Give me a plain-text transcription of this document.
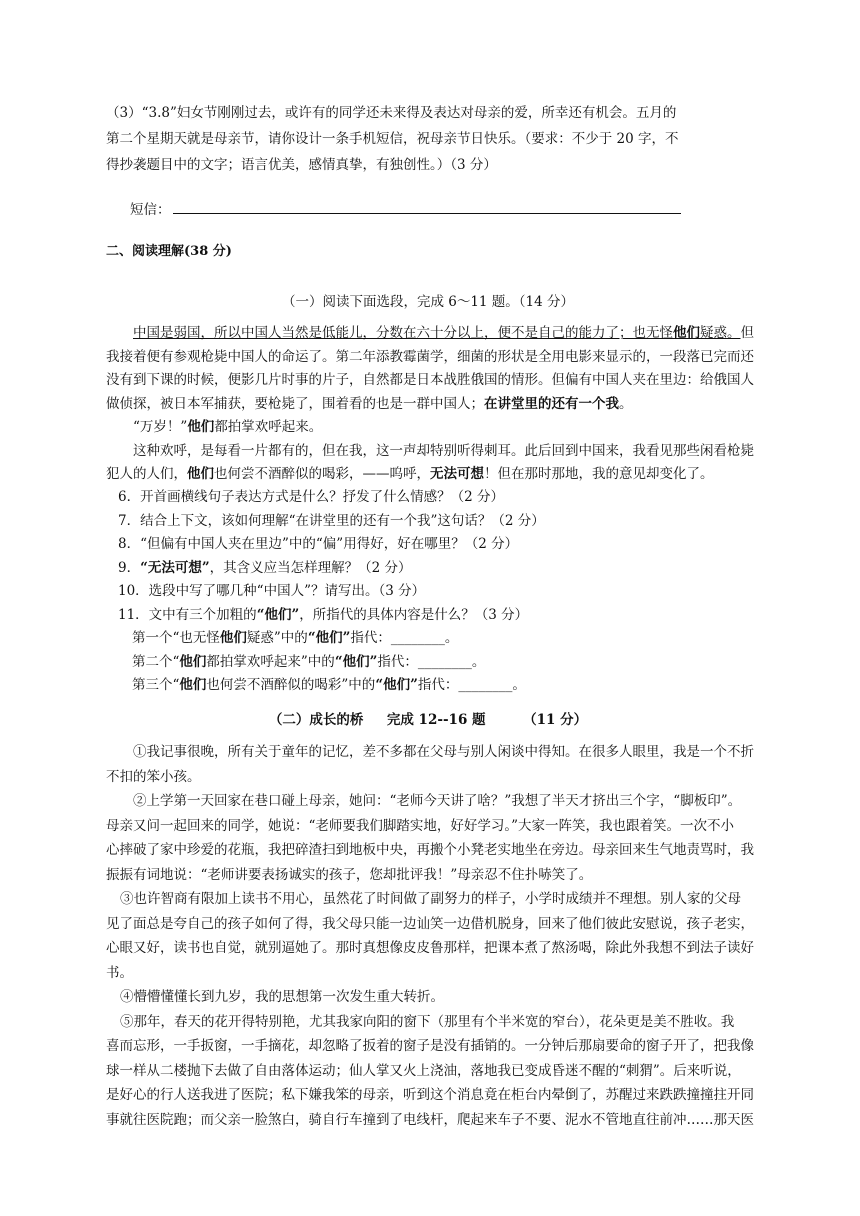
（3）“3.8”妇女节刚刚过去，或许有的同学还未来得及表达对母亲的爱，所幸还有机会。五月的
第二个星期天就是母亲节，请你设计一条手机短信，祝母亲节日快乐。（要求：不少于 20 字，不
得抄袭题目中的文字；语言优美，感情真挚，有独创性。）（3 分）
短信：
二、阅读理解(38 分)
（一）阅读下面选段，完成 6～11 题。（14 分）
中国是弱国，所以中国人当然是低能儿，分数在六十分以上，便不是自己的能力了；也无怪他们疑惑。但
我接着便有参观枪毙中国人的命运了。第二年添教霉菌学，细菌的形状是全用电影来显示的，一段落已完而还
没有到下课的时候，便影几片时事的片子，自然都是日本战胜俄国的情形。但偏有中国人夹在里边：给俄国人
做侦探，被日本军捕获，要枪毙了，围着看的也是一群中国人；在讲堂里的还有一个我。
“万岁！”他们都拍掌欢呼起来。
这种欢呼，是每看一片都有的，但在我，这一声却特别听得刺耳。此后回到中国来，我看见那些闲看枪毙
犯人的人们，他们也何尝不酒醉似的喝彩，——呜呼，无法可想！但在那时那地，我的意见却变化了。
6．开首画横线句子表达方式是什么？抒发了什么情感？（2 分）
7．结合上下文，该如何理解“在讲堂里的还有一个我”这句话？（2 分）
8．“但偏有中国人夹在里边”中的“偏”用得好，好在哪里？（2 分）
9．“无法可想”，其含义应当怎样理解？（2 分）
10．选段中写了哪几种“中国人”？请写出。（3 分）
11．文中有三个加粗的“他们”，所指代的具体内容是什么？（3 分）
第一个“也无怪他们疑惑”中的“他们”指代：________。
第二个“他们都拍掌欢呼起来”中的“他们”指代：________。
第三个“他们也何尝不酒醉似的喝彩”中的“他们”指代：________。
（二）成长的桥     完成 12--16 题        （11 分）
①我记事很晚，所有关于童年的记忆，差不多都在父母与别人闲谈中得知。在很多人眼里，我是一个不折
不扣的笨小孩。
②上学第一天回家在巷口碰上母亲，她问：“老师今天讲了啥？”我想了半天才挤出三个字，“脚板印”。
母亲又问一起回来的同学，她说：“老师要我们脚踏实地，好好学习。”大家一阵笑，我也跟着笑。一次不小
心摔破了家中珍爱的花瓶，我把碎渣扫到地板中央，再搬个小凳老实地坐在旁边。母亲回来生气地责骂时，我
振振有词地说：“老师讲要表扬诚实的孩子，您却批评我！”母亲忍不住扑哧笑了。
③也许智商有限加上读书不用心，虽然花了时间做了副努力的样子，小学时成绩并不理想。别人家的父母
见了面总是夸自己的孩子如何了得，我父母只能一边讪笑一边借机脱身，回来了他们彼此安慰说，孩子老实，
心眼又好，读书也自觉，就别逼她了。那时真想像皮皮鲁那样，把课本煮了熬汤喝，除此外我想不到法子读好
书。
④懵懵懂懂长到九岁，我的思想第一次发生重大转折。
⑤那年，春天的花开得特别艳，尤其我家向阳的窗下（那里有个半米宽的窄台），花朵更是美不胜收。我
喜而忘形，一手扳窗，一手摘花，却忽略了扳着的窗子是没有插销的。一分钟后那扇要命的窗子开了，把我像
球一样从二楼抛下去做了自由落体运动；仙人掌又火上浇油，落地我已变成昏迷不醒的“刺猬”。后来听说，
是好心的行人送我进了医院；私下嫌我笨的母亲，听到这个消息竟在柜台内晕倒了，苏醒过来跌跌撞撞拄开同
事就往医院跑；而父亲一脸煞白，骑自行车撞到了电线杆，爬起来车子不要、泥水不管地直往前冲……那天医
